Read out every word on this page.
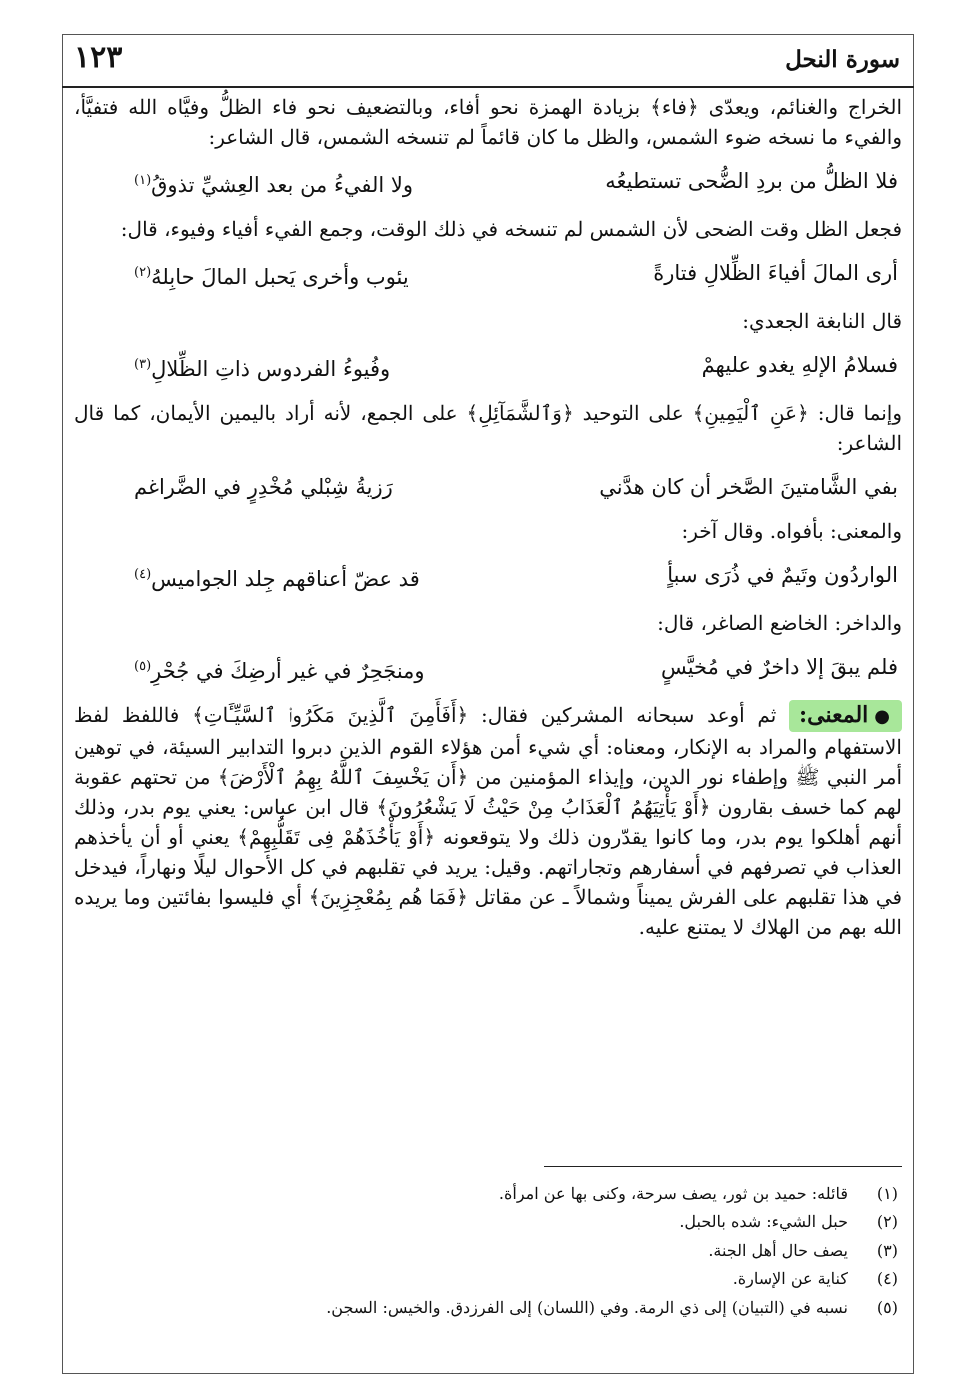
١٢٣	سورة النحل

الخراج والغنائم، ويعدّى ﴿فاء﴾ بزيادة الهمزة نحو أفاء، وبالتضعيف نحو فاء الظلُّ وفيَّاه الله فتفيَّأ، والفيء ما نسخه ضوء الشمس، والظل ما كان قائماً لم تنسخه الشمس، قال الشاعر:

فلا الظلُّ من بردِ الضُّحى تستطيعُه
ولا الفيءُ من بعد العِشيِّ تذوقُ$^{(١)}$

فجعل الظل وقت الضحى لأن الشمس لم تنسخه في ذلك الوقت، وجمع الفيء أفياء وفيوء، قال:

أرى المالَ أفياءَ الظِّلالِ فتارةً
يئوب وأخرى يَحبل المالَ حابِلهُ$^{(٢)}$

قال النابغة الجعدي:

فسلامُ الإلهِ يغدو عليهمْ
وفُيوءُ الفردوس ذاتِ الظِّلالِ$^{(٣)}$

وإنما قال: ﴿عَنِ ٱلْيَمِينِ﴾ على التوحيد ﴿وَٱلشَّمَآئِلِ﴾ على الجمع، لأنه أراد باليمين الأيمان، كما قال الشاعر:

بفي الشَّامتينَ الصَّخر أن كان هدَّني
رَزيةُ شِبْلي مُخْدِرٍ في الضَّراغم

والمعنى: بأفواه. وقال آخر:

الواردُون وتَيمٌ في ذُرَى سبأٍ
قد عضّ أعناقهم جِلد الجواميس$^{(٤)}$

والداخر: الخاضع الصاغر، قال:

فلم يبقَ إلا داخرٌ في مُخيَّسٍ
ومنجَحِرٌ في غير أرضِكَ في جُحْرِ$^{(٥)}$

●المعنى: ثم أوعد سبحانه المشركين فقال: ﴿أَفَأَمِنَ ٱلَّذِينَ مَكَرُوا۟ ٱلسَّيِّـَٔاتِ﴾ فاللفظ لفظ الاستفهام والمراد به الإنكار، ومعناه: أي شيء أمن هؤلاء القوم الذين دبروا التدابير السيئة، في توهين أمر النبي ﷺ وإطفاء نور الدين، وإيذاء المؤمنين من ﴿أَن يَخْسِفَ ٱللَّهُ بِهِمُ ٱلْأَرْضَ﴾ من تحتهم عقوبة لهم كما خسف بقارون ﴿أَوْ يَأْتِيَهُمُ ٱلْعَذَابُ مِنْ حَيْثُ لَا يَشْعُرُونَ﴾ قال ابن عباس: يعني يوم بدر، وذلك أنهم أهلكوا يوم بدر، وما كانوا يقدّرون ذلك ولا يتوقعونه ﴿أَوْ يَأْخُذَهُمْ فِى تَقَلُّبِهِمْ﴾ يعني أو أن يأخذهم العذاب في تصرفهم في أسفارهم وتجاراتهم. وقيل: يريد في تقلبهم في كل الأحوال ليلًا ونهاراً، فيدخل في هذا تقلبهم على الفرش يميناً وشمالاً ـ عن مقاتل ﴿فَمَا هُم بِمُعْجِزِينَ﴾ أي فليسوا بفائتين وما يريده الله بهم من الهلاك لا يمتنع عليه.

(١)
قائله: حميد بن ثور، يصف سرحة، وكنى بها عن امرأة.
(٢)
حبل الشيء: شده بالحبل.
(٣)
يصف حال أهل الجنة.
(٤)
كناية عن الإسارة.
(٥)
نسبه في (التبيان) إلى ذي الرمة. وفي (اللسان) إلى الفرزدق. والخيس: السجن.
